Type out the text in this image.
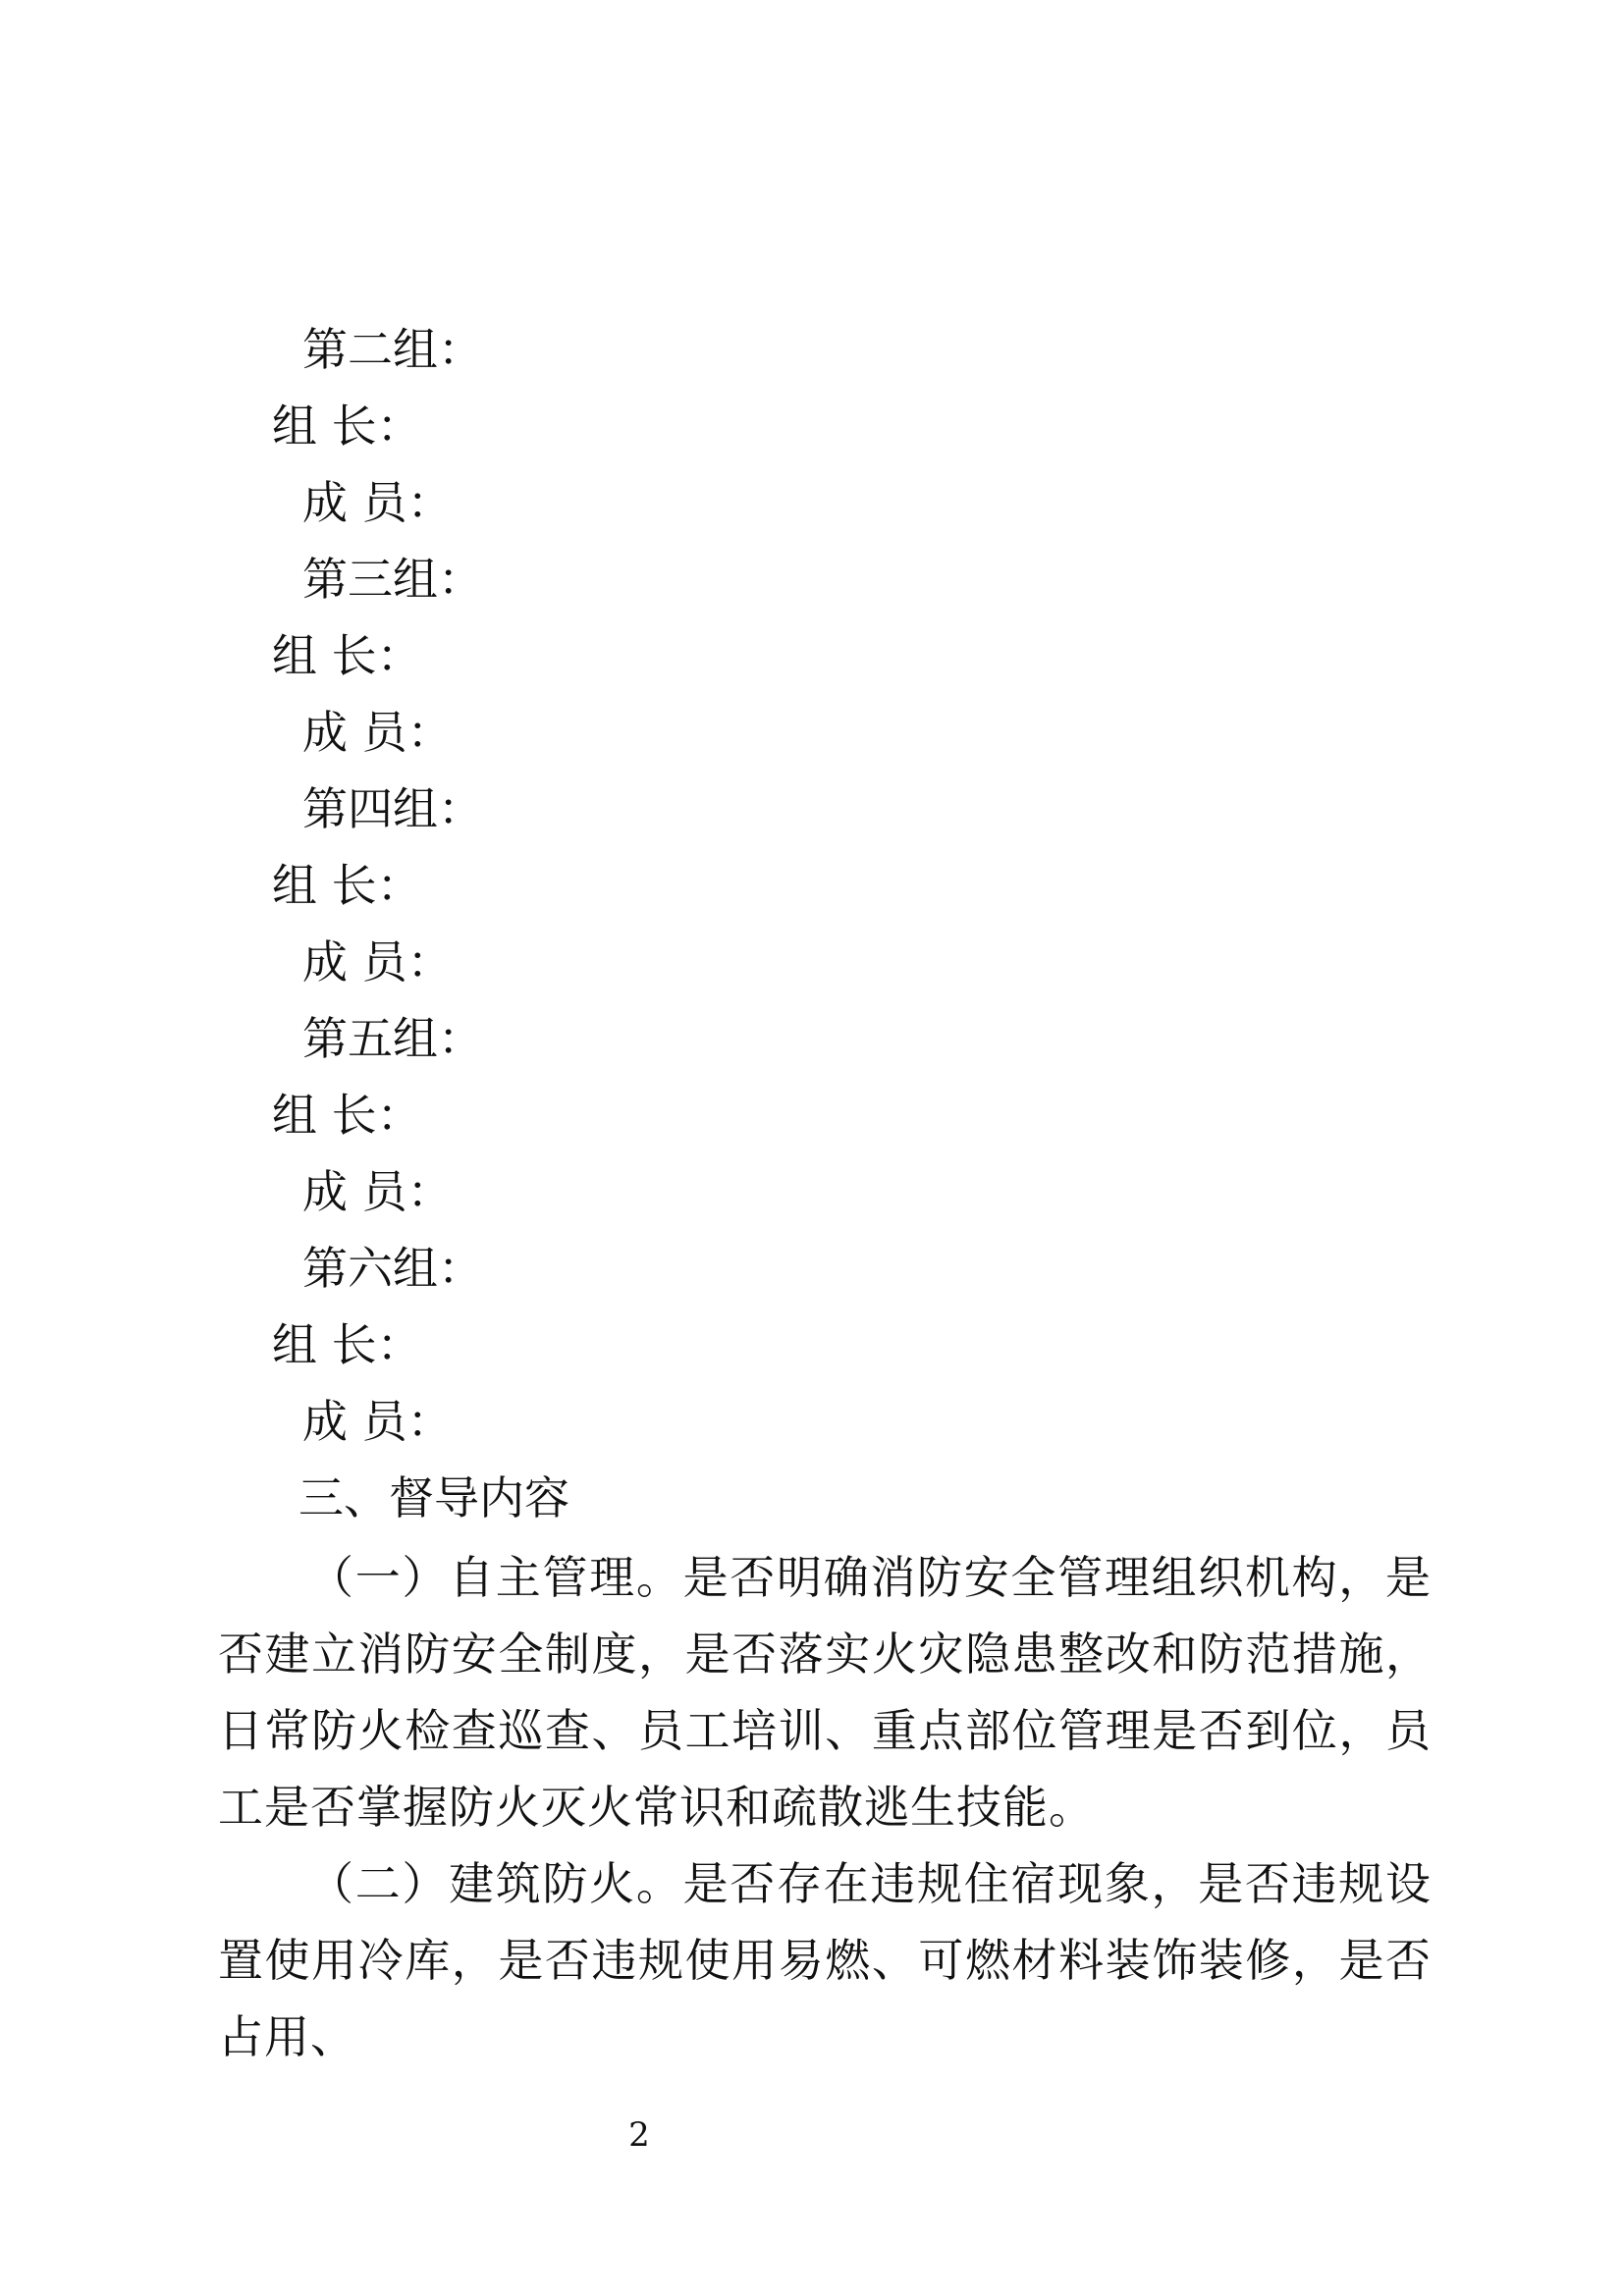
第二组：
组 长：
成 员：
第三组：
组 长：
成 员：
第四组：
组 长：
成 员：
第五组：
组 长：
成 员：
第六组：
组 长：
成 员：
三、督导内容
（一）自主管理。是否明确消防安全管理组织机构，是否建立消防安全制度，是否落实火灾隐患整改和防范措施，日常防火检查巡查、员工培训、重点部位管理是否到位，员工是否掌握防火灭火常识和疏散逃生技能。
（二）建筑防火。是否存在违规住宿现象，是否违规设置使用冷库，是否违规使用易燃、可燃材料装饰装修，是否占用、
2
